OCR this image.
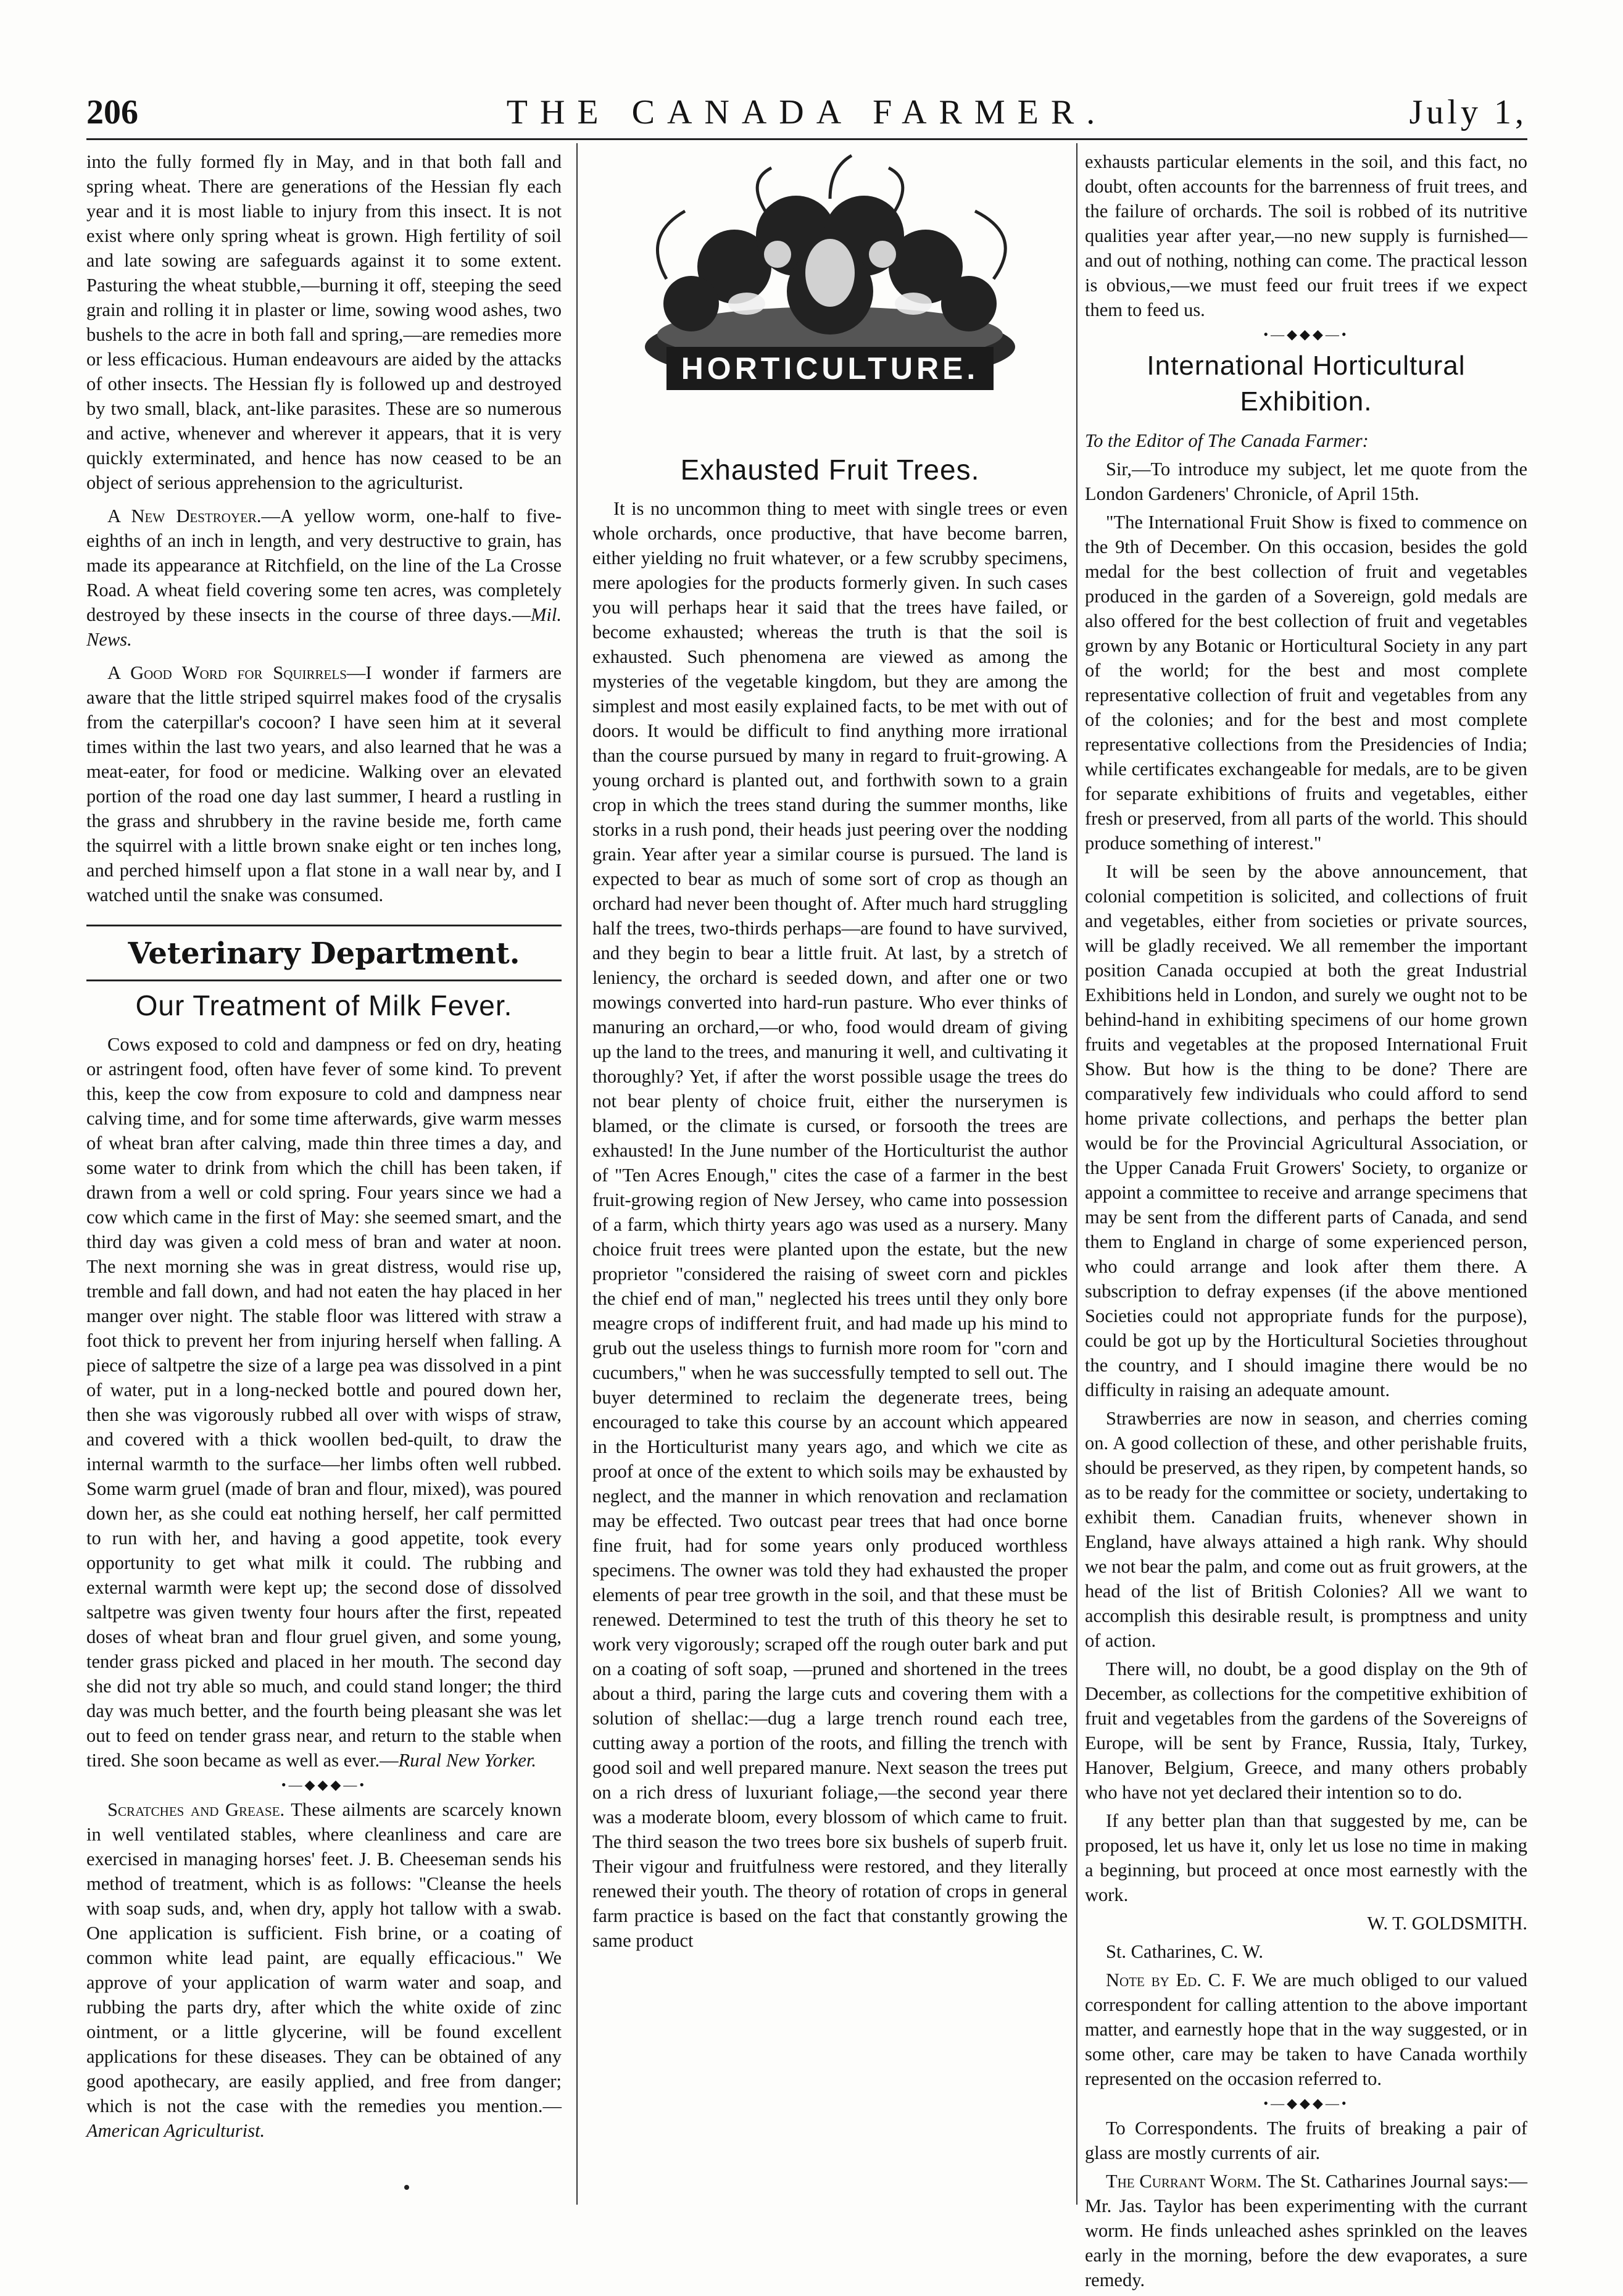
206	THE CANADA FARMER.	July 1,

into the fully formed fly in May, and in that both fall and spring wheat. There are generations of the Hessian fly each year and it is most liable to injury from this insect. It is not exist where only spring wheat is grown. High fertility of soil and late sowing are safeguards against it to some extent. Pasturing the wheat stubble,—burning it off, steeping the seed grain and rolling it in plaster or lime, sowing wood ashes, two bushels to the acre in both fall and spring,—are remedies more or less efficacious. Human endeavours are aided by the attacks of other insects. The Hessian fly is followed up and destroyed by two small, black, ant-like parasites. These are so numerous and active, whenever and wherever it appears, that it is very quickly exterminated, and hence has now ceased to be an object of serious apprehension to the agriculturist.

A New Destroyer.—A yellow worm, one-half to five-eighths of an inch in length, and very destructive to grain, has made its appearance at Ritchfield, on the line of the La Crosse Road. A wheat field covering some ten acres, was completely destroyed by these insects in the course of three days.—Mil. News.

A Good Word for Squirrels—I wonder if farmers are aware that the little striped squirrel makes food of the crysalis from the caterpillar's cocoon? I have seen him at it several times within the last two years, and also learned that he was a meat-eater, for food or medicine. Walking over an elevated portion of the road one day last summer, I heard a rustling in the grass and shrubbery in the ravine beside me, forth came the squirrel with a little brown snake eight or ten inches long, and perched himself upon a flat stone in a wall near by, and I watched until the snake was consumed.

Veterinary Department.
Our Treatment of Milk Fever.

Cows exposed to cold and dampness or fed on dry, heating or astringent food, often have fever of some kind. To prevent this, keep the cow from exposure to cold and dampness near calving time, and for some time afterwards, give warm messes of wheat bran after calving, made thin three times a day, and some water to drink from which the chill has been taken, if drawn from a well or cold spring. Four years since we had a cow which came in the first of May: she seemed smart, and the third day was given a cold mess of bran and water at noon. The next morning she was in great distress, would rise up, tremble and fall down, and had not eaten the hay placed in her manger over night. The stable floor was littered with straw a foot thick to prevent her from injuring herself when falling. A piece of saltpetre the size of a large pea was dissolved in a pint of water, put in a long-necked bottle and poured down her, then she was vigorously rubbed all over with wisps of straw, and covered with a thick woollen bed-quilt, to draw the internal warmth to the surface—her limbs often well rubbed. Some warm gruel (made of bran and flour, mixed), was poured down her, as she could eat nothing herself, her calf permitted to run with her, and having a good appetite, took every opportunity to get what milk it could. The rubbing and external warmth were kept up; the second dose of dissolved saltpetre was given twenty four hours after the first, repeated doses of wheat bran and flour gruel given, and some young, tender grass picked and placed in her mouth. The second day she did not try able so much, and could stand longer; the third day was much better, and the fourth being pleasant she was let out to feed on tender grass near, and return to the stable when tired. She soon became as well as ever.—Rural New Yorker.

•—◆◆◆—•

Scratches and Grease. These ailments are scarcely known in well ventilated stables, where cleanliness and care are exercised in managing horses' feet. J. B. Cheeseman sends his method of treatment, which is as follows: "Cleanse the heels with soap suds, and, when dry, apply hot tallow with a swab. One application is sufficient. Fish brine, or a coating of common white lead paint, are equally efficacious." We approve of your application of warm water and soap, and rubbing the parts dry, after which the white oxide of zinc ointment, or a little glycerine, will be found excellent applications for these diseases. They can be obtained of any good apothecary, are easily applied, and free from danger; which is not the case with the remedies you mention.—American Agriculturist.

HORTICULTURE.
Exhausted Fruit Trees.

It is no uncommon thing to meet with single trees or even whole orchards, once productive, that have become barren, either yielding no fruit whatever, or a few scrubby specimens, mere apologies for the products formerly given. In such cases you will perhaps hear it said that the trees have failed, or become exhausted; whereas the truth is that the soil is exhausted. Such phenomena are viewed as among the mysteries of the vegetable kingdom, but they are among the simplest and most easily explained facts, to be met with out of doors. It would be difficult to find anything more irrational than the course pursued by many in regard to fruit-growing. A young orchard is planted out, and forthwith sown to a grain crop in which the trees stand during the summer months, like storks in a rush pond, their heads just peering over the nodding grain. Year after year a similar course is pursued. The land is expected to bear as much of some sort of crop as though an orchard had never been thought of. After much hard struggling half the trees, two-thirds perhaps—are found to have survived, and they begin to bear a little fruit. At last, by a stretch of leniency, the orchard is seeded down, and after one or two mowings converted into hard-run pasture. Who ever thinks of manuring an orchard,—or who, food would dream of giving up the land to the trees, and manuring it well, and cultivating it thoroughly? Yet, if after the worst possible usage the trees do not bear plenty of choice fruit, either the nurserymen is blamed, or the climate is cursed, or forsooth the trees are exhausted! In the June number of the Horticulturist the author of "Ten Acres Enough," cites the case of a farmer in the best fruit-growing region of New Jersey, who came into possession of a farm, which thirty years ago was used as a nursery. Many choice fruit trees were planted upon the estate, but the new proprietor "considered the raising of sweet corn and pickles the chief end of man," neglected his trees until they only bore meagre crops of indifferent fruit, and had made up his mind to grub out the useless things to furnish more room for "corn and cucumbers," when he was successfully tempted to sell out. The buyer determined to reclaim the degenerate trees, being encouraged to take this course by an account which appeared in the Horticulturist many years ago, and which we cite as proof at once of the extent to which soils may be exhausted by neglect, and the manner in which renovation and reclamation may be effected. Two outcast pear trees that had once borne fine fruit, had for some years only produced worthless specimens. The owner was told they had exhausted the proper elements of pear tree growth in the soil, and that these must be renewed. Determined to test the truth of this theory he set to work very vigorously; scraped off the rough outer bark and put on a coating of soft soap, —pruned and shortened in the trees about a third, paring the large cuts and covering them with a solution of shellac:—dug a large trench round each tree, cutting away a portion of the roots, and filling the trench with good soil and well prepared manure. Next season the trees put on a rich dress of luxuriant foliage,—the second year there was a moderate bloom, every blossom of which came to fruit. The third season the two trees bore six bushels of superb fruit. Their vigour and fruitfulness were restored, and they literally renewed their youth. The theory of rotation of crops in general farm practice is based on the fact that constantly growing the same product

exhausts particular elements in the soil, and this fact, no doubt, often accounts for the barrenness of fruit trees, and the failure of orchards. The soil is robbed of its nutritive qualities year after year,—no new supply is furnished—and out of nothing, nothing can come. The practical lesson is obvious,—we must feed our fruit trees if we expect them to feed us.

•—◆◆◆—•
International Horticultural Exhibition.

To the Editor of The Canada Farmer:

Sir,—To introduce my subject, let me quote from the London Gardeners' Chronicle, of April 15th.

"The International Fruit Show is fixed to commence on the 9th of December. On this occasion, besides the gold medal for the best collection of fruit and vegetables produced in the garden of a Sovereign, gold medals are also offered for the best collection of fruit and vegetables grown by any Botanic or Horticultural Society in any part of the world; for the best and most complete representative collection of fruit and vegetables from any of the colonies; and for the best and most complete representative collections from the Presidencies of India; while certificates exchangeable for medals, are to be given for separate exhibitions of fruits and vegetables, either fresh or preserved, from all parts of the world. This should produce something of interest."

It will be seen by the above announcement, that colonial competition is solicited, and collections of fruit and vegetables, either from societies or private sources, will be gladly received. We all remember the important position Canada occupied at both the great Industrial Exhibitions held in London, and surely we ought not to be behind-hand in exhibiting specimens of our home grown fruits and vegetables at the proposed International Fruit Show. But how is the thing to be done? There are comparatively few individuals who could afford to send home private collections, and perhaps the better plan would be for the Provincial Agricultural Association, or the Upper Canada Fruit Growers' Society, to organize or appoint a committee to receive and arrange specimens that may be sent from the different parts of Canada, and send them to England in charge of some experienced person, who could arrange and look after them there. A subscription to defray expenses (if the above mentioned Societies could not appropriate funds for the purpose), could be got up by the Horticultural Societies throughout the country, and I should imagine there would be no difficulty in raising an adequate amount.

Strawberries are now in season, and cherries coming on. A good collection of these, and other perishable fruits, should be preserved, as they ripen, by competent hands, so as to be ready for the committee or society, undertaking to exhibit them. Canadian fruits, whenever shown in England, have always attained a high rank. Why should we not bear the palm, and come out as fruit growers, at the head of the list of British Colonies? All we want to accomplish this desirable result, is promptness and unity of action.

There will, no doubt, be a good display on the 9th of December, as collections for the competitive exhibition of fruit and vegetables from the gardens of the Sovereigns of Europe, will be sent by France, Russia, Italy, Turkey, Hanover, Belgium, Greece, and many others probably who have not yet declared their intention so to do.

If any better plan than that suggested by me, can be proposed, let us have it, only let us lose no time in making a beginning, but proceed at once most earnestly with the work.

W. T. GOLDSMITH.

St. Catharines, C. W.

Note by Ed. C. F. We are much obliged to our valued correspondent for calling attention to the above important matter, and earnestly hope that in the way suggested, or in some other, care may be taken to have Canada worthily represented on the occasion referred to.

•—◆◆◆—•

To Correspondents. The fruits of breaking a pair of glass are mostly currents of air.

The Currant Worm. The St. Catharines Journal says:—Mr. Jas. Taylor has been experimenting with the currant worm. He finds unleached ashes sprinkled on the leaves early in the morning, before the dew evaporates, a sure remedy.
